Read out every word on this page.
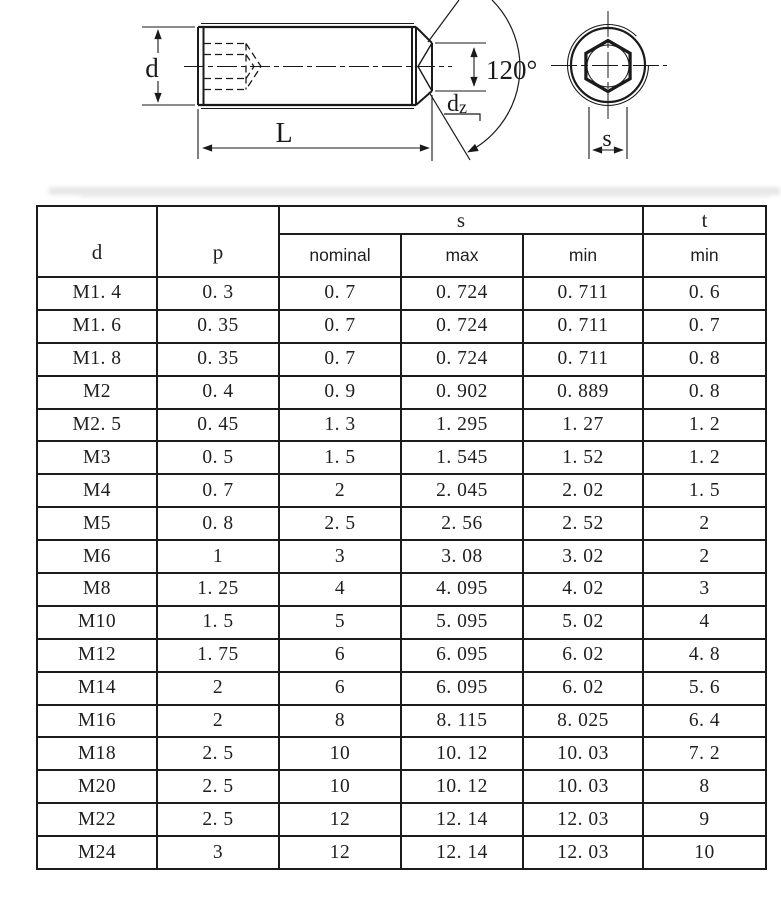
d
L
dz
120°
s
d	p	s			t
		nominal	max	min	min
M1. 4	0. 3	0. 7	0. 724	0. 711	0. 6
M1. 6	0. 35	0. 7	0. 724	0. 711	0. 7
M1. 8	0. 35	0. 7	0. 724	0. 711	0. 8
M2	0. 4	0. 9	0. 902	0. 889	0. 8
M2. 5	0. 45	1. 3	1. 295	1. 27	1. 2
M3	0. 5	1. 5	1. 545	1. 52	1. 2
M4	0. 7	2	2. 045	2. 02	1. 5
M5	0. 8	2. 5	2. 56	2. 52	2
M6	1	3	3. 08	3. 02	2
M8	1. 25	4	4. 095	4. 02	3
M10	1. 5	5	5. 095	5. 02	4
M12	1. 75	6	6. 095	6. 02	4. 8
M14	2	6	6. 095	6. 02	5. 6
M16	2	8	8. 115	8. 025	6. 4
M18	2. 5	10	10. 12	10. 03	7. 2
M20	2. 5	10	10. 12	10. 03	8
M22	2. 5	12	12. 14	12. 03	9
M24	3	12	12. 14	12. 03	10
